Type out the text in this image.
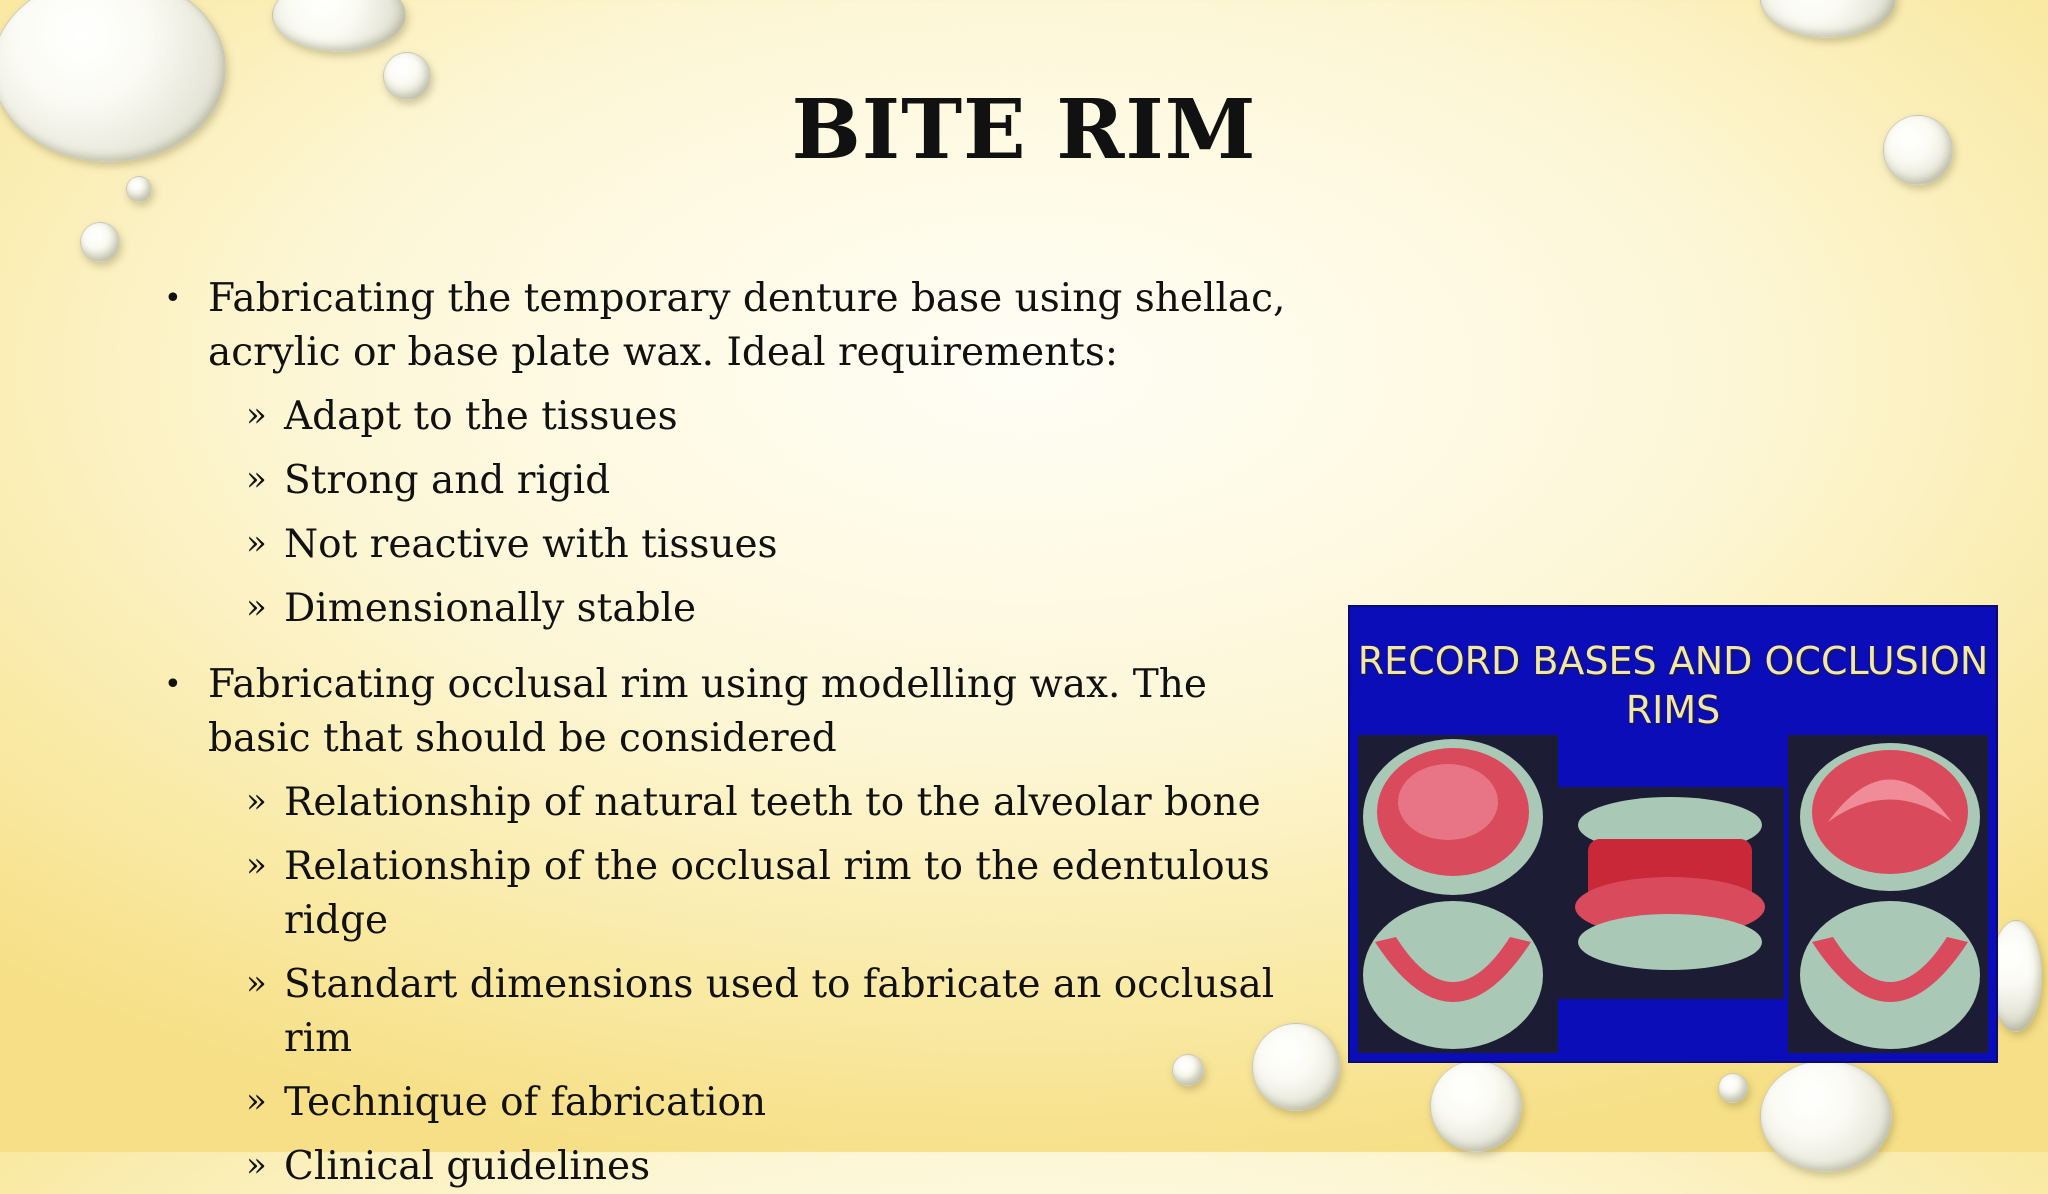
BITE RIM
• Fabricating the temporary denture base using shellac, acrylic or base plate wax. Ideal requirements:
» Adapt to the tissues
» Strong and rigid
» Not reactive with tissues
» Dimensionally stable
• Fabricating occlusal rim using modelling wax. The basic that should be considered
» Relationship of natural teeth to the alveolar bone
» Relationship of the occlusal rim to the edentulous ridge
» Standart dimensions used to fabricate an occlusal rim
» Technique of fabrication
» Clinical guidelines
RECORD BASES AND OCCLUSION RIMS
